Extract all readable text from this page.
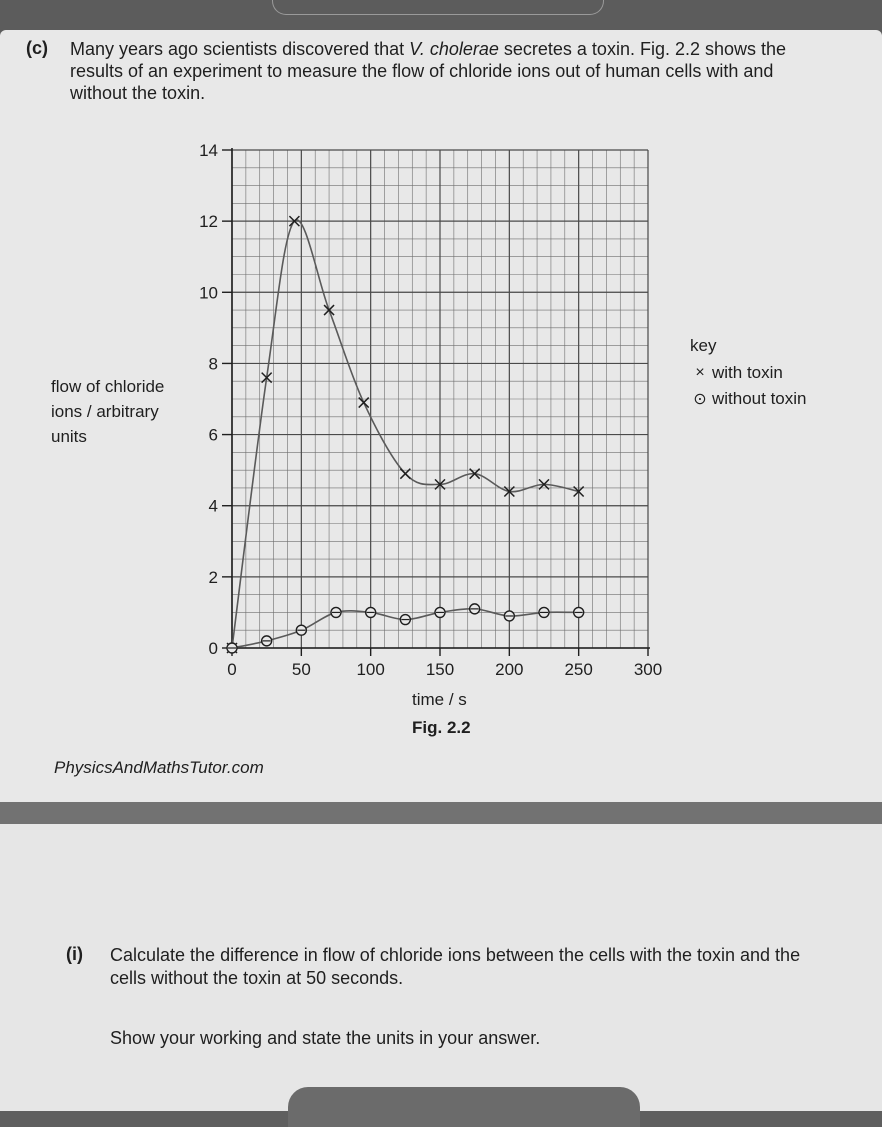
(c) Many years ago scientists discovered that V. cholerae secretes a toxin. Fig. 2.2 shows the
results of an experiment to measure the flow of chloride ions out of human cells with and
without the toxin.
flow of chloride
ions / arbitrary
units
0	50	100 150 200 250 300
0
2
4
6
8
10
12
14
key
× with toxin
⊙ without toxin
time / s
Fig. 2.2
PhysicsAndMathsTutor.com
(i) Calculate the difference in flow of chloride ions between the cells with the toxin and the
cells without the toxin at 50 seconds.
Show your working and state the units in your answer.
